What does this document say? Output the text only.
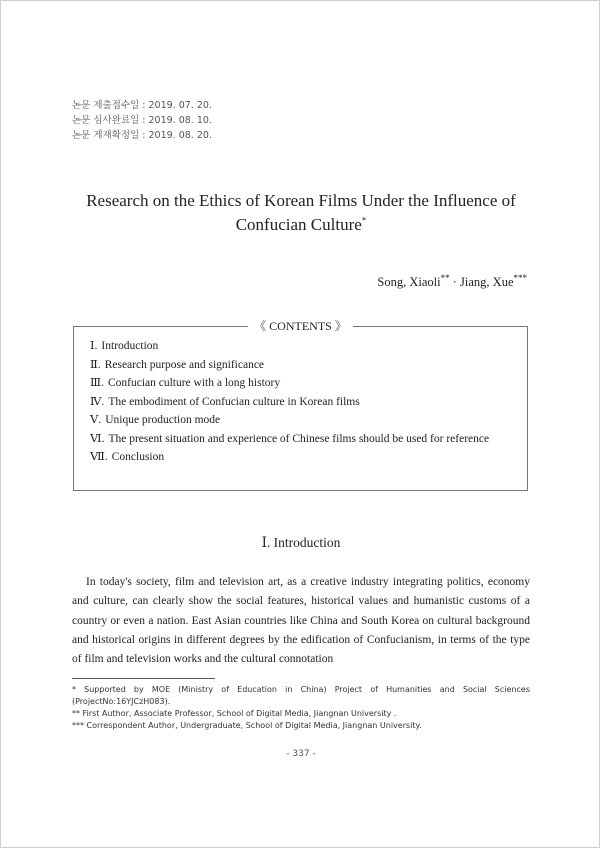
논문 제출접수일 : 2019. 07. 20.
논문 심사완료일 : 2019. 08. 10.
논문 게재확정일 : 2019. 08. 20.
Research on the Ethics of Korean Films Under the Influence of
Confucian Culture*
Song, Xiaoli** · Jiang, Xue***
《 CONTENTS 》
Ⅰ. Introduction
Ⅱ. Research purpose and significance
Ⅲ. Confucian culture with a long history
Ⅳ. The embodiment of Confucian culture in Korean films
Ⅴ. Unique production mode
Ⅵ. The present situation and experience of Chinese films should be used for reference
Ⅶ. Conclusion
Ⅰ. Introduction

In today's society, film and television art, as a creative industry integrating politics, economy and culture, can clearly show the social features, historical values and humanistic customs of a country or even a nation. East Asian countries like China and South Korea on cultural background and historical origins in different degrees by the edification of Confucianism, in terms of the type of film and television works and the cultural connotation

* Supported by MOE (Ministry of Education in China) Project of Humanities and Social Sciences (ProjectNo:16YJCzH083).

** First Author, Associate Professor, School of Digital Media, Jiangnan University .

*** Correspondent Author, Undergraduate, School of Digital Media, Jiangnan University.

- 337 -
